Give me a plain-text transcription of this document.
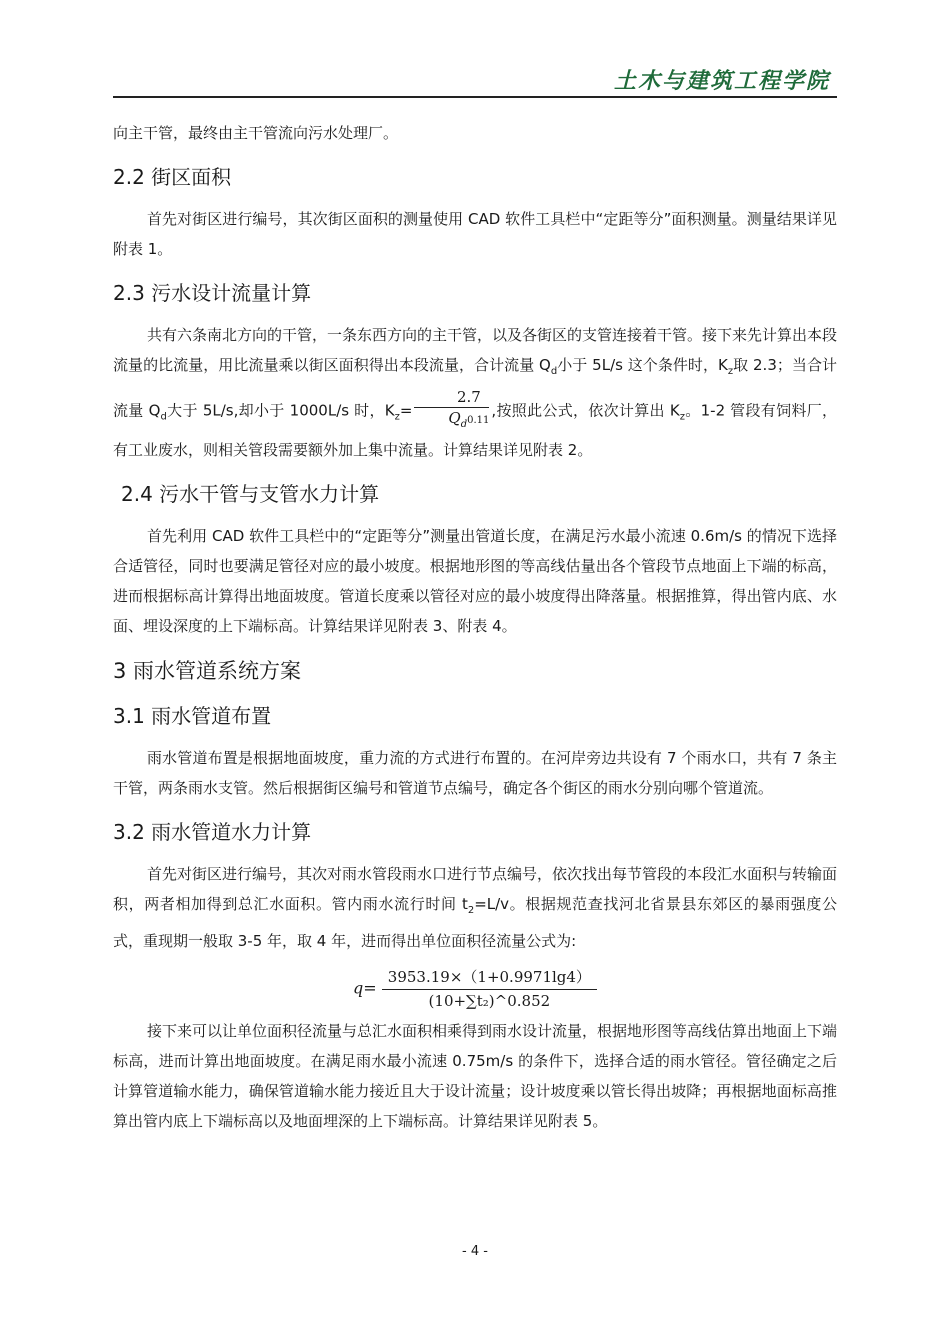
土木与建筑工程学院

向主干管，最终由主干管流向污水处理厂。

2.2 街区面积

首先对街区进行编号，其次街区面积的测量使用 CAD 软件工具栏中“定距等分”面积测量。测量结果详见附表 1。

2.3 污水设计流量计算

共有六条南北方向的干管，一条东西方向的主干管，以及各街区的支管连接着干管。接下来先计算出本段流量的比流量，用比流量乘以街区面积得出本段流量，合计流量 $Q_d$小于 5L/s 这个条件时，$K_z$取 2.3；当合计流量 $Q_d$大于 5L/s,却小于 1000L/s 时，$K_z= \frac{2.7}{Q_d0.11}$ ,按照此公式，依次计算出 $K_z$。1-2 管段有饲料厂，有工业废水，则相关管段需要额外加上集中流量。计算结果详见附表 2。

2.4 污水干管与支管水力计算

首先利用 CAD 软件工具栏中的“定距等分”测量出管道长度，在满足污水最小流速 0.6m/s 的情况下选择合适管径，同时也要满足管径对应的最小坡度。根据地形图的等高线估量出各个管段节点地面上下端的标高，进而根据标高计算得出地面坡度。管道长度乘以管径对应的最小坡度得出降落量。根据推算，得出管内底、水面、埋设深度的上下端标高。计算结果详见附表 3、附表 4。

3 雨水管道系统方案
3.1 雨水管道布置

雨水管道布置是根据地面坡度，重力流的方式进行布置的。在河岸旁边共设有 7 个雨水口，共有 7 条主干管，两条雨水支管。然后根据街区编号和管道节点编号，确定各个街区的雨水分别向哪个管道流。

3.2 雨水管道水力计算

首先对街区进行编号，其次对雨水管段雨水口进行节点编号，依次找出每节管段的本段汇水面积与转输面积，两者相加得到总汇水面积。管内雨水流行时间 $t_2=L/v$。根据规范查找河北省景县东郊区的暴雨强度公式，重现期一般取 3-5 年，取 4 年，进而得出单位面积径流量公式为:

$q= \frac{3953.19\times(1+0.9971\lg 4)}{\text{(10+∑t₂)\textasciicircum{}0.852}}$

接下来可以让单位面积径流量与总汇水面积相乘得到雨水设计流量，根据地形图等高线估算出地面上下端标高，进而计算出地面坡度。在满足雨水最小流速 0.75m/s 的条件下，选择合适的雨水管径。管径确定之后计算管道输水能力，确保管道输水能力接近且大于设计流量；设计坡度乘以管长得出坡降；再根据地面标高推算出管内底上下端标高以及地面埋深的上下端标高。计算结果详见附表 5。

- 4 -
